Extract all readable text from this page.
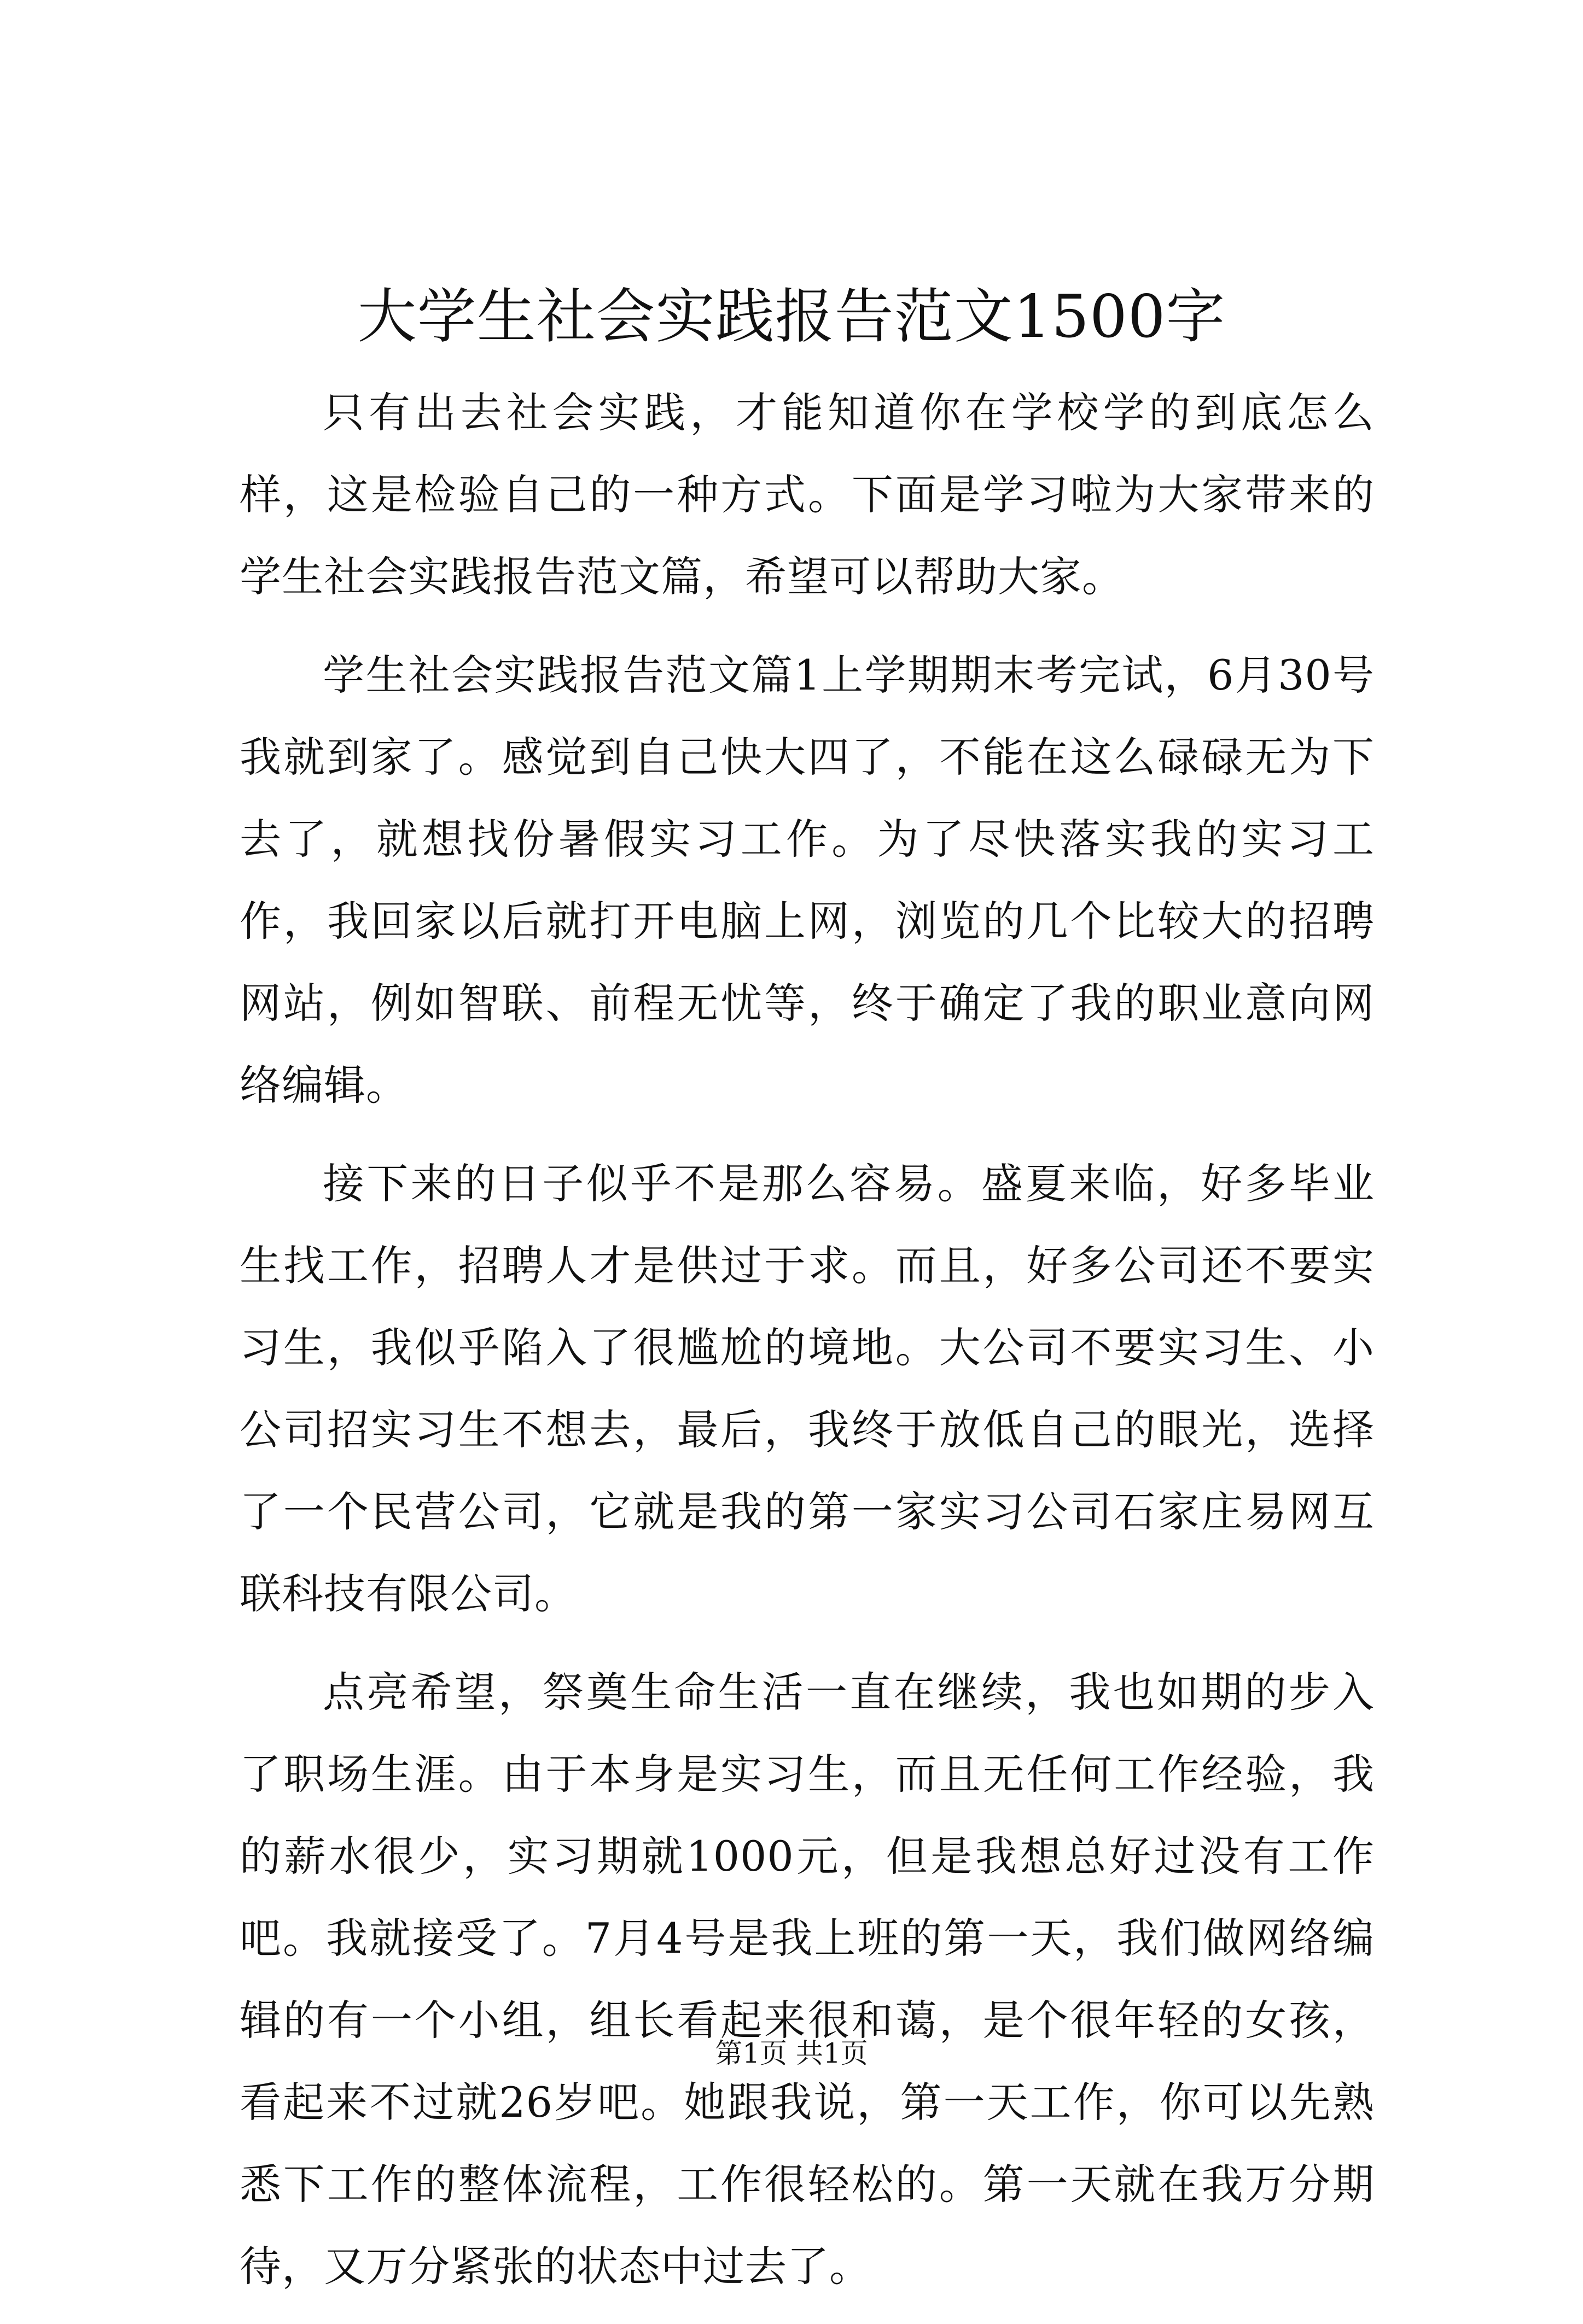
大学生社会实践报告范文1500字

只有出去社会实践，才能知道你在学校学的到底怎么样，这是检验自己的一种方式。下面是学习啦为大家带来的学生社会实践报告范文篇，希望可以帮助大家。

学生社会实践报告范文篇1上学期期末考完试，6月30号我就到家了。感觉到自己快大四了，不能在这么碌碌无为下去了，就想找份暑假实习工作。为了尽快落实我的实习工作，我回家以后就打开电脑上网，浏览的几个比较大的招聘网站，例如智联、前程无忧等，终于确定了我的职业意向网络编辑。

接下来的日子似乎不是那么容易。盛夏来临，好多毕业生找工作，招聘人才是供过于求。而且，好多公司还不要实习生，我似乎陷入了很尴尬的境地。大公司不要实习生、小公司招实习生不想去，最后，我终于放低自己的眼光，选择了一个民营公司，它就是我的第一家实习公司石家庄易网互联科技有限公司。

点亮希望，祭奠生命生活一直在继续，我也如期的步入了职场生涯。由于本身是实习生，而且无任何工作经验，我的薪水很少，实习期就1000元，但是我想总好过没有工作吧。我就接受了。7月4号是我上班的第一天，我们做网络编辑的有一个小组，组长看起来很和蔼，是个很年轻的女孩，看起来不过就26岁吧。她跟我说，第一天工作，你可以先熟悉下工作的整体流程，工作很轻松的。第一天就在我万分期待，又万分紧张的状态中过去了。

第1页 共1页
